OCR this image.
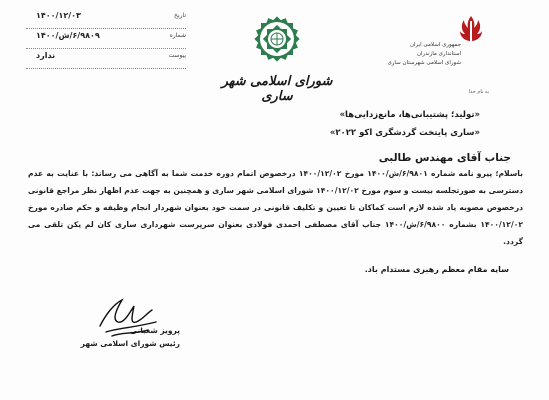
جمهوری اسلامی ایران
استانداری مازندران
شورای اسلامی شهرستان ساری
به نام خدا
شورای اسلامی شهر ساری
تاریخ
۱۴۰۰/۱۲/۰۳
شماره
۶/۹۸۰۹/ش/۱۴۰۰
پیوست
ندارد
«تولید؛ پشتیبانی‌ها، مانع‌زدایی‌ها»
«ساری پایتخت گردشگری اکو ۲۰۲۲»
جناب آقای مهندس طالبی
باسلام؛ پیرو نامه شماره ۶/۹۸۰۱/ش/۱۴۰۰ مورخ ۱۴۰۰/۱۲/۰۲ درخصوص اتمام دوره خدمت شما به آگاهی می رساند: با عنایت به عدم دسترسی به صورتجلسه بیست و سوم مورخ ۱۴۰۰/۱۲/۰۲ شورای اسلامی شهر ساری و همچنین به جهت عدم اظهار نظر مراجع قانونی درخصوص مصوبه یاد شده لازم است کماکان تا تعیین و تکلیف قانونی در سمت خود بعنوان شهردار انجام وظیفه و حکم صادره مورخ ۱۴۰۰/۱۲/۰۲ بشماره ۶/۹۸۰۰/ش/۱۴۰۰ جناب آقای مصطفی احمدی فولادی بعنوان سرپرست شهرداری ساری کان لم یکن تلقی می گردد.
سایه مقام معظم رهبری مستدام باد.
پرویز شعبانی
رئیس شورای اسلامی شهر
